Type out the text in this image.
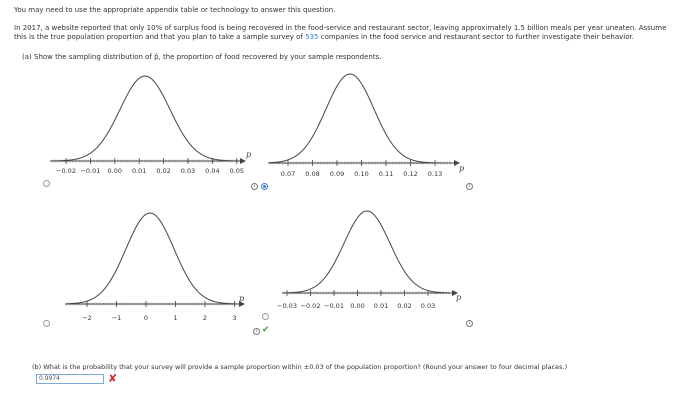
You may need to use the appropriate appendix table or technology to answer this question.
In 2017, a website reported that only 10% of surplus food is being recovered in the food-service and restaurant sector, leaving approximately 1.5 billion meals per year uneaten. Assume
this is the true population proportion and that you plan to take a sample survey of 535 companies in the food service and restaurant sector to further investigate their behavior.
(a) Show the sampling distribution of p̂, the proportion of food recovered by your sample respondents.
−0.02 −0.01 0.00 0.01 0.02 0.03 0.04 0.05
p
0.07 0.08 0.09 0.10 0.11 0.12 0.13
p
i	i
−2	−1	0	1	2	3
p
i ✔
−0.03 −0.02 −0.01 0.00 0.01 0.02 0.03
p
i
(b) What is the probability that your survey will provide a sample proportion within ±0.03 of the population proportion? (Round your answer to four decimal places.)
0.9974	✘
